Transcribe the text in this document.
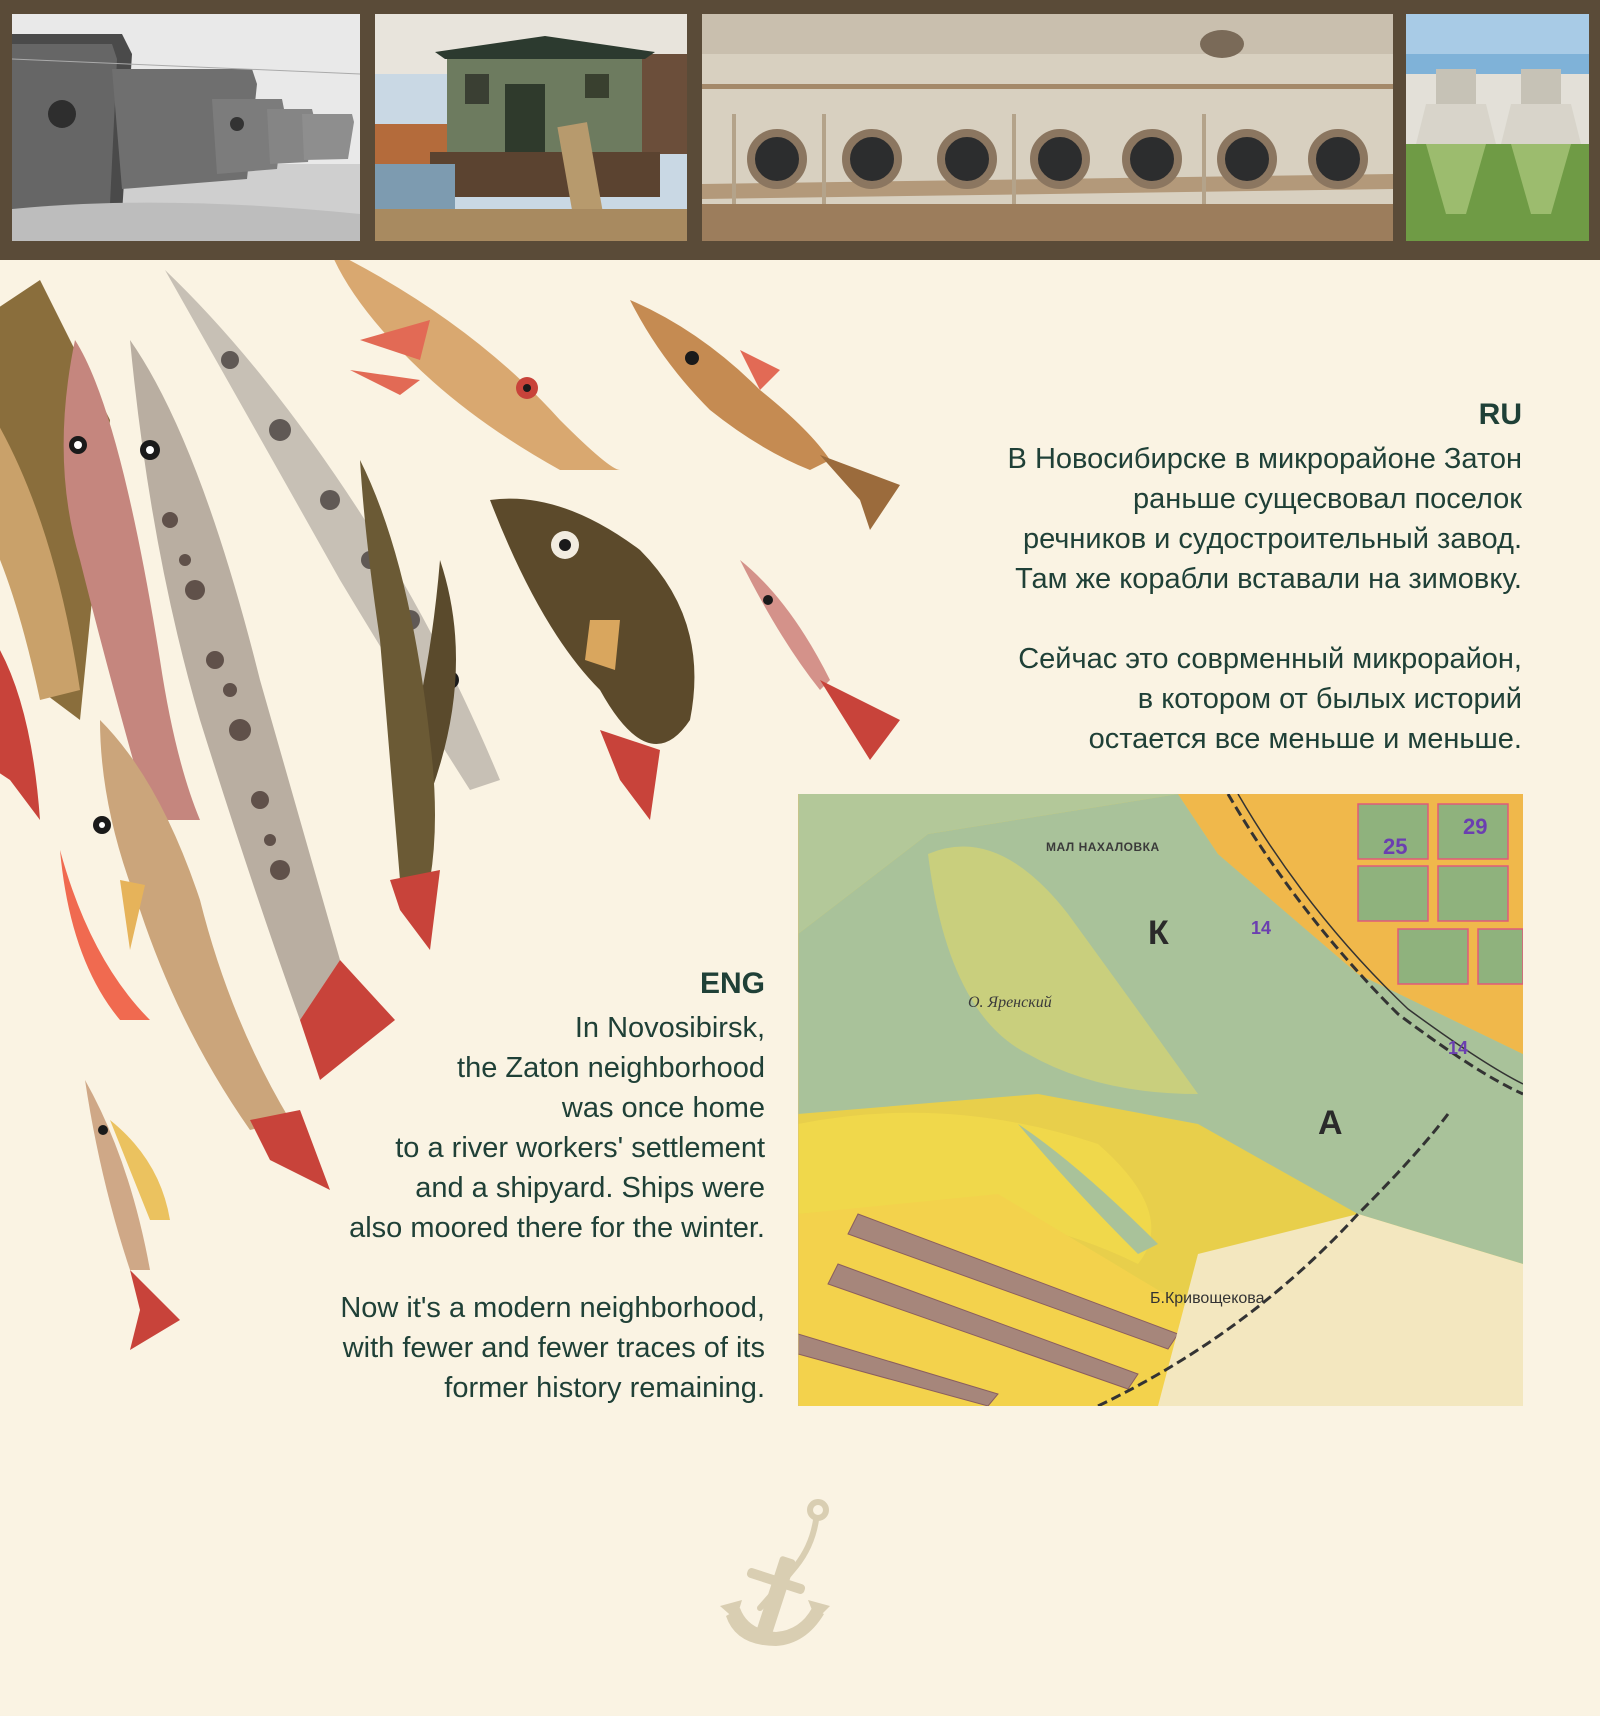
RU

В Новосибирске в микрорайоне Затон
раньше сущесвовал поселок
речников и судостроительный завод.
Там же корабли вставали на зимовку.

Сейчас это соврменный микрорайон,
в котором от былых историй
остается все меньше и меньше.

К
А
25
29
14
14
МАЛ НАХАЛОВКА
О. Яренский
Б.Кривощекова
ENG

In Novosibirsk,
the Zaton neighborhood
was once home
to a river workers' settlement
and a shipyard. Ships were
also moored there for the winter.

Now it's a modern neighborhood,
with fewer and fewer traces of its
former history remaining.
